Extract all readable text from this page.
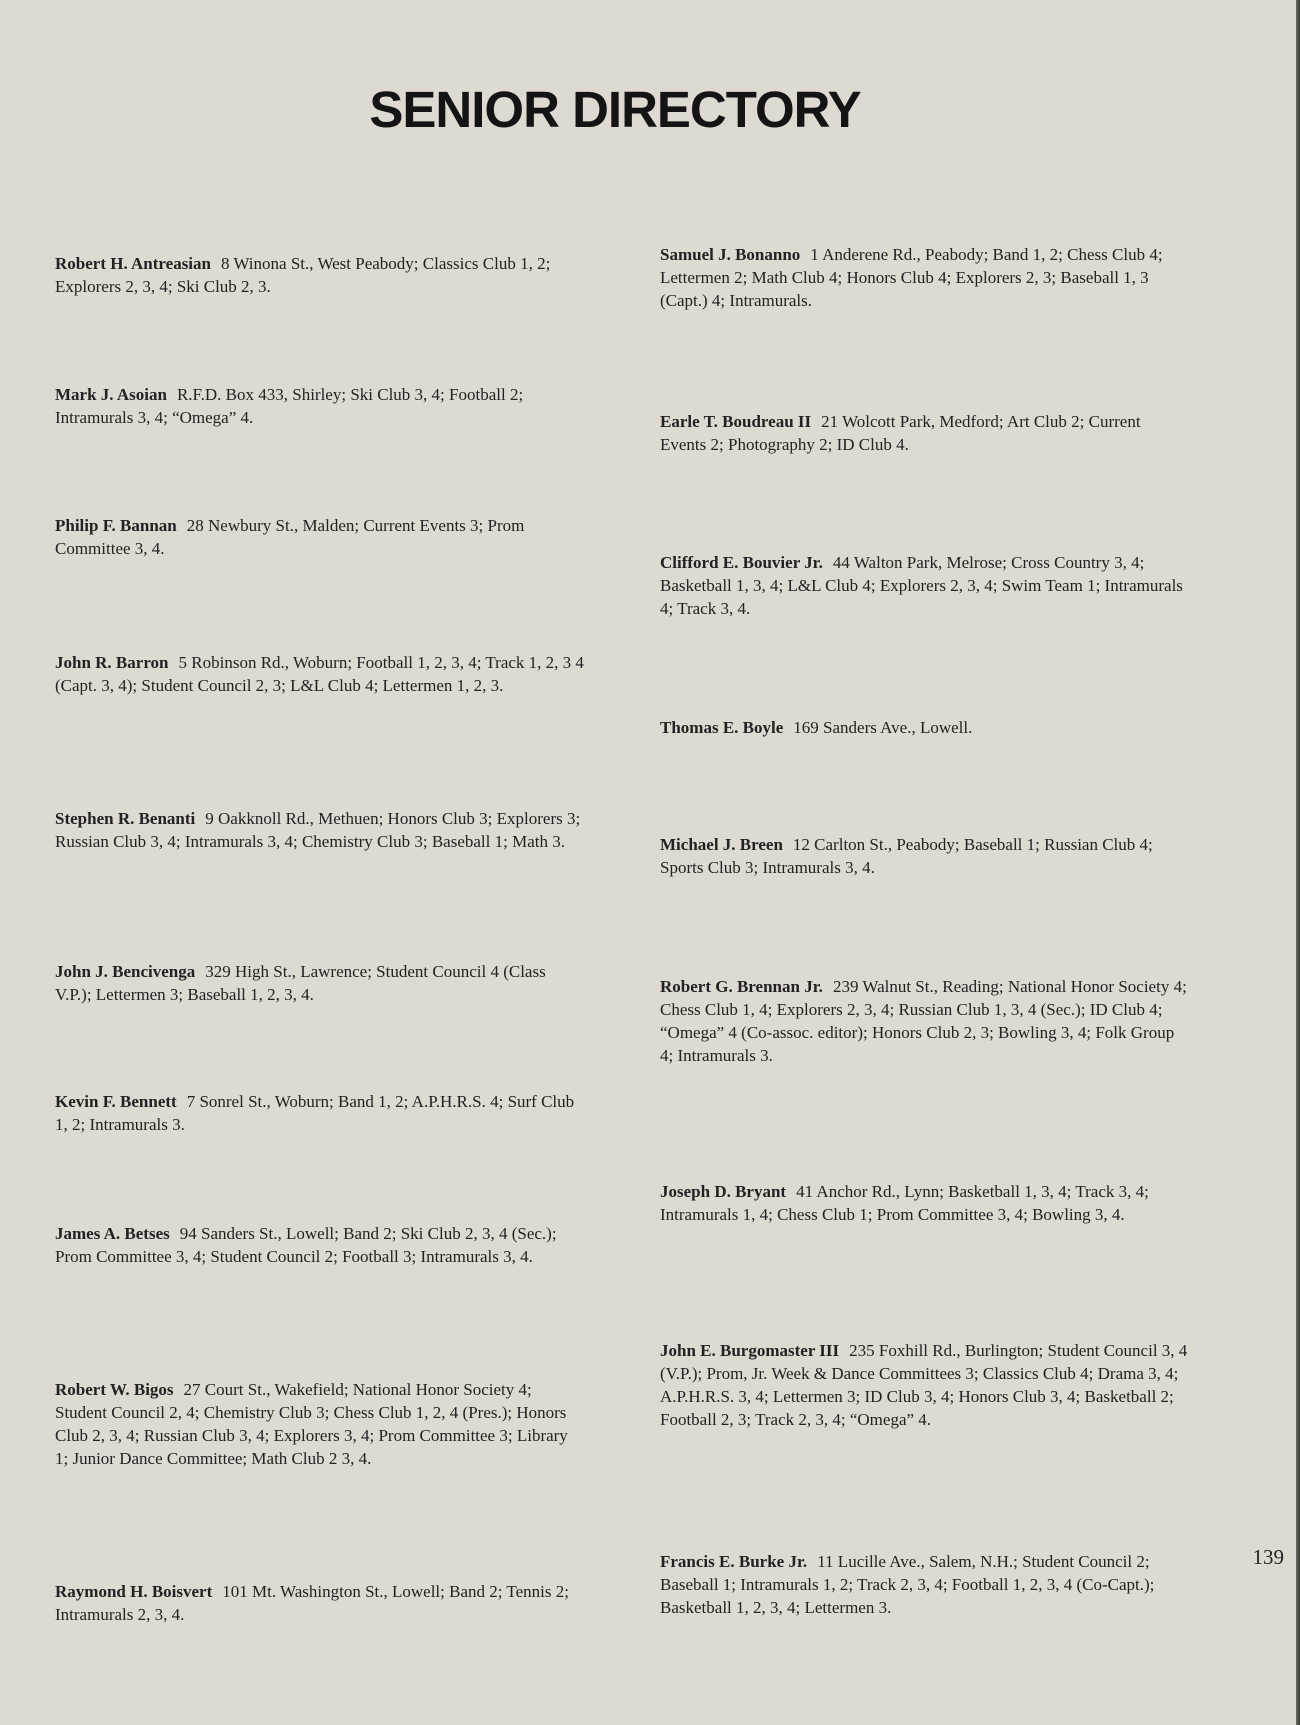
SENIOR DIRECTORY
Robert H. Antreasian 8 Winona St., West Peabody; Classics Club 1, 2; Explorers 2, 3, 4; Ski Club 2, 3.
Mark J. Asoian R.F.D. Box 433, Shirley; Ski Club 3, 4; Football 2; Intramurals 3, 4; “Omega” 4.
Philip F. Bannan 28 Newbury St., Malden; Current Events 3; Prom Committee 3, 4.
John R. Barron 5 Robinson Rd., Woburn; Football 1, 2, 3, 4; Track 1, 2, 3 4 (Capt. 3, 4); Student Council 2, 3; L&L Club 4; Lettermen 1, 2, 3.
Stephen R. Benanti 9 Oakknoll Rd., Methuen; Honors Club 3; Explorers 3; Russian Club 3, 4; Intramurals 3, 4; Chemistry Club 3; Baseball 1; Math 3.
John J. Bencivenga 329 High St., Lawrence; Student Council 4 (Class V.P.); Lettermen 3; Baseball 1, 2, 3, 4.
Kevin F. Bennett 7 Sonrel St., Woburn; Band 1, 2; A.P.H.R.S. 4; Surf Club 1, 2; Intramurals 3.
James A. Betses 94 Sanders St., Lowell; Band 2; Ski Club 2, 3, 4 (Sec.); Prom Committee 3, 4; Student Council 2; Football 3; Intramurals 3, 4.
Robert W. Bigos 27 Court St., Wakefield; National Honor Society 4; Student Council 2, 4; Chemistry Club 3; Chess Club 1, 2, 4 (Pres.); Honors Club 2, 3, 4; Russian Club 3, 4; Explorers 3, 4; Prom Committee 3; Library 1; Junior Dance Committee; Math Club 2 3, 4.
Raymond H. Boisvert 101 Mt. Washington St., Lowell; Band 2; Tennis 2; Intramurals 2, 3, 4.
Samuel J. Bonanno 1 Anderene Rd., Peabody; Band 1, 2; Chess Club 4; Lettermen 2; Math Club 4; Honors Club 4; Explorers 2, 3; Baseball 1, 3 (Capt.) 4; Intramurals.
Earle T. Boudreau II 21 Wolcott Park, Medford; Art Club 2; Current Events 2; Photography 2; ID Club 4.
Clifford E. Bouvier Jr. 44 Walton Park, Melrose; Cross Country 3, 4; Basketball 1, 3, 4; L&L Club 4; Explorers 2, 3, 4; Swim Team 1; Intramurals 4; Track 3, 4.
Thomas E. Boyle 169 Sanders Ave., Lowell.
Michael J. Breen 12 Carlton St., Peabody; Baseball 1; Russian Club 4; Sports Club 3; Intramurals 3, 4.
Robert G. Brennan Jr. 239 Walnut St., Reading; National Honor Society 4; Chess Club 1, 4; Explorers 2, 3, 4; Russian Club 1, 3, 4 (Sec.); ID Club 4; “Omega” 4 (Co-assoc. editor); Honors Club 2, 3; Bowling 3, 4; Folk Group 4; Intramurals 3.
Joseph D. Bryant 41 Anchor Rd., Lynn; Basketball 1, 3, 4; Track 3, 4; Intramurals 1, 4; Chess Club 1; Prom Committee 3, 4; Bowling 3, 4.
John E. Burgomaster III 235 Foxhill Rd., Burlington; Student Council 3, 4 (V.P.); Prom, Jr. Week & Dance Committees 3; Classics Club 4; Drama 3, 4; A.P.H.R.S. 3, 4; Lettermen 3; ID Club 3, 4; Honors Club 3, 4; Basketball 2; Football 2, 3; Track 2, 3, 4; “Omega” 4.
Francis E. Burke Jr. 11 Lucille Ave., Salem, N.H.; Student Council 2; Baseball 1; Intramurals 1, 2; Track 2, 3, 4; Football 1, 2, 3, 4 (Co-Capt.); Basketball 1, 2, 3, 4; Lettermen 3.
139
